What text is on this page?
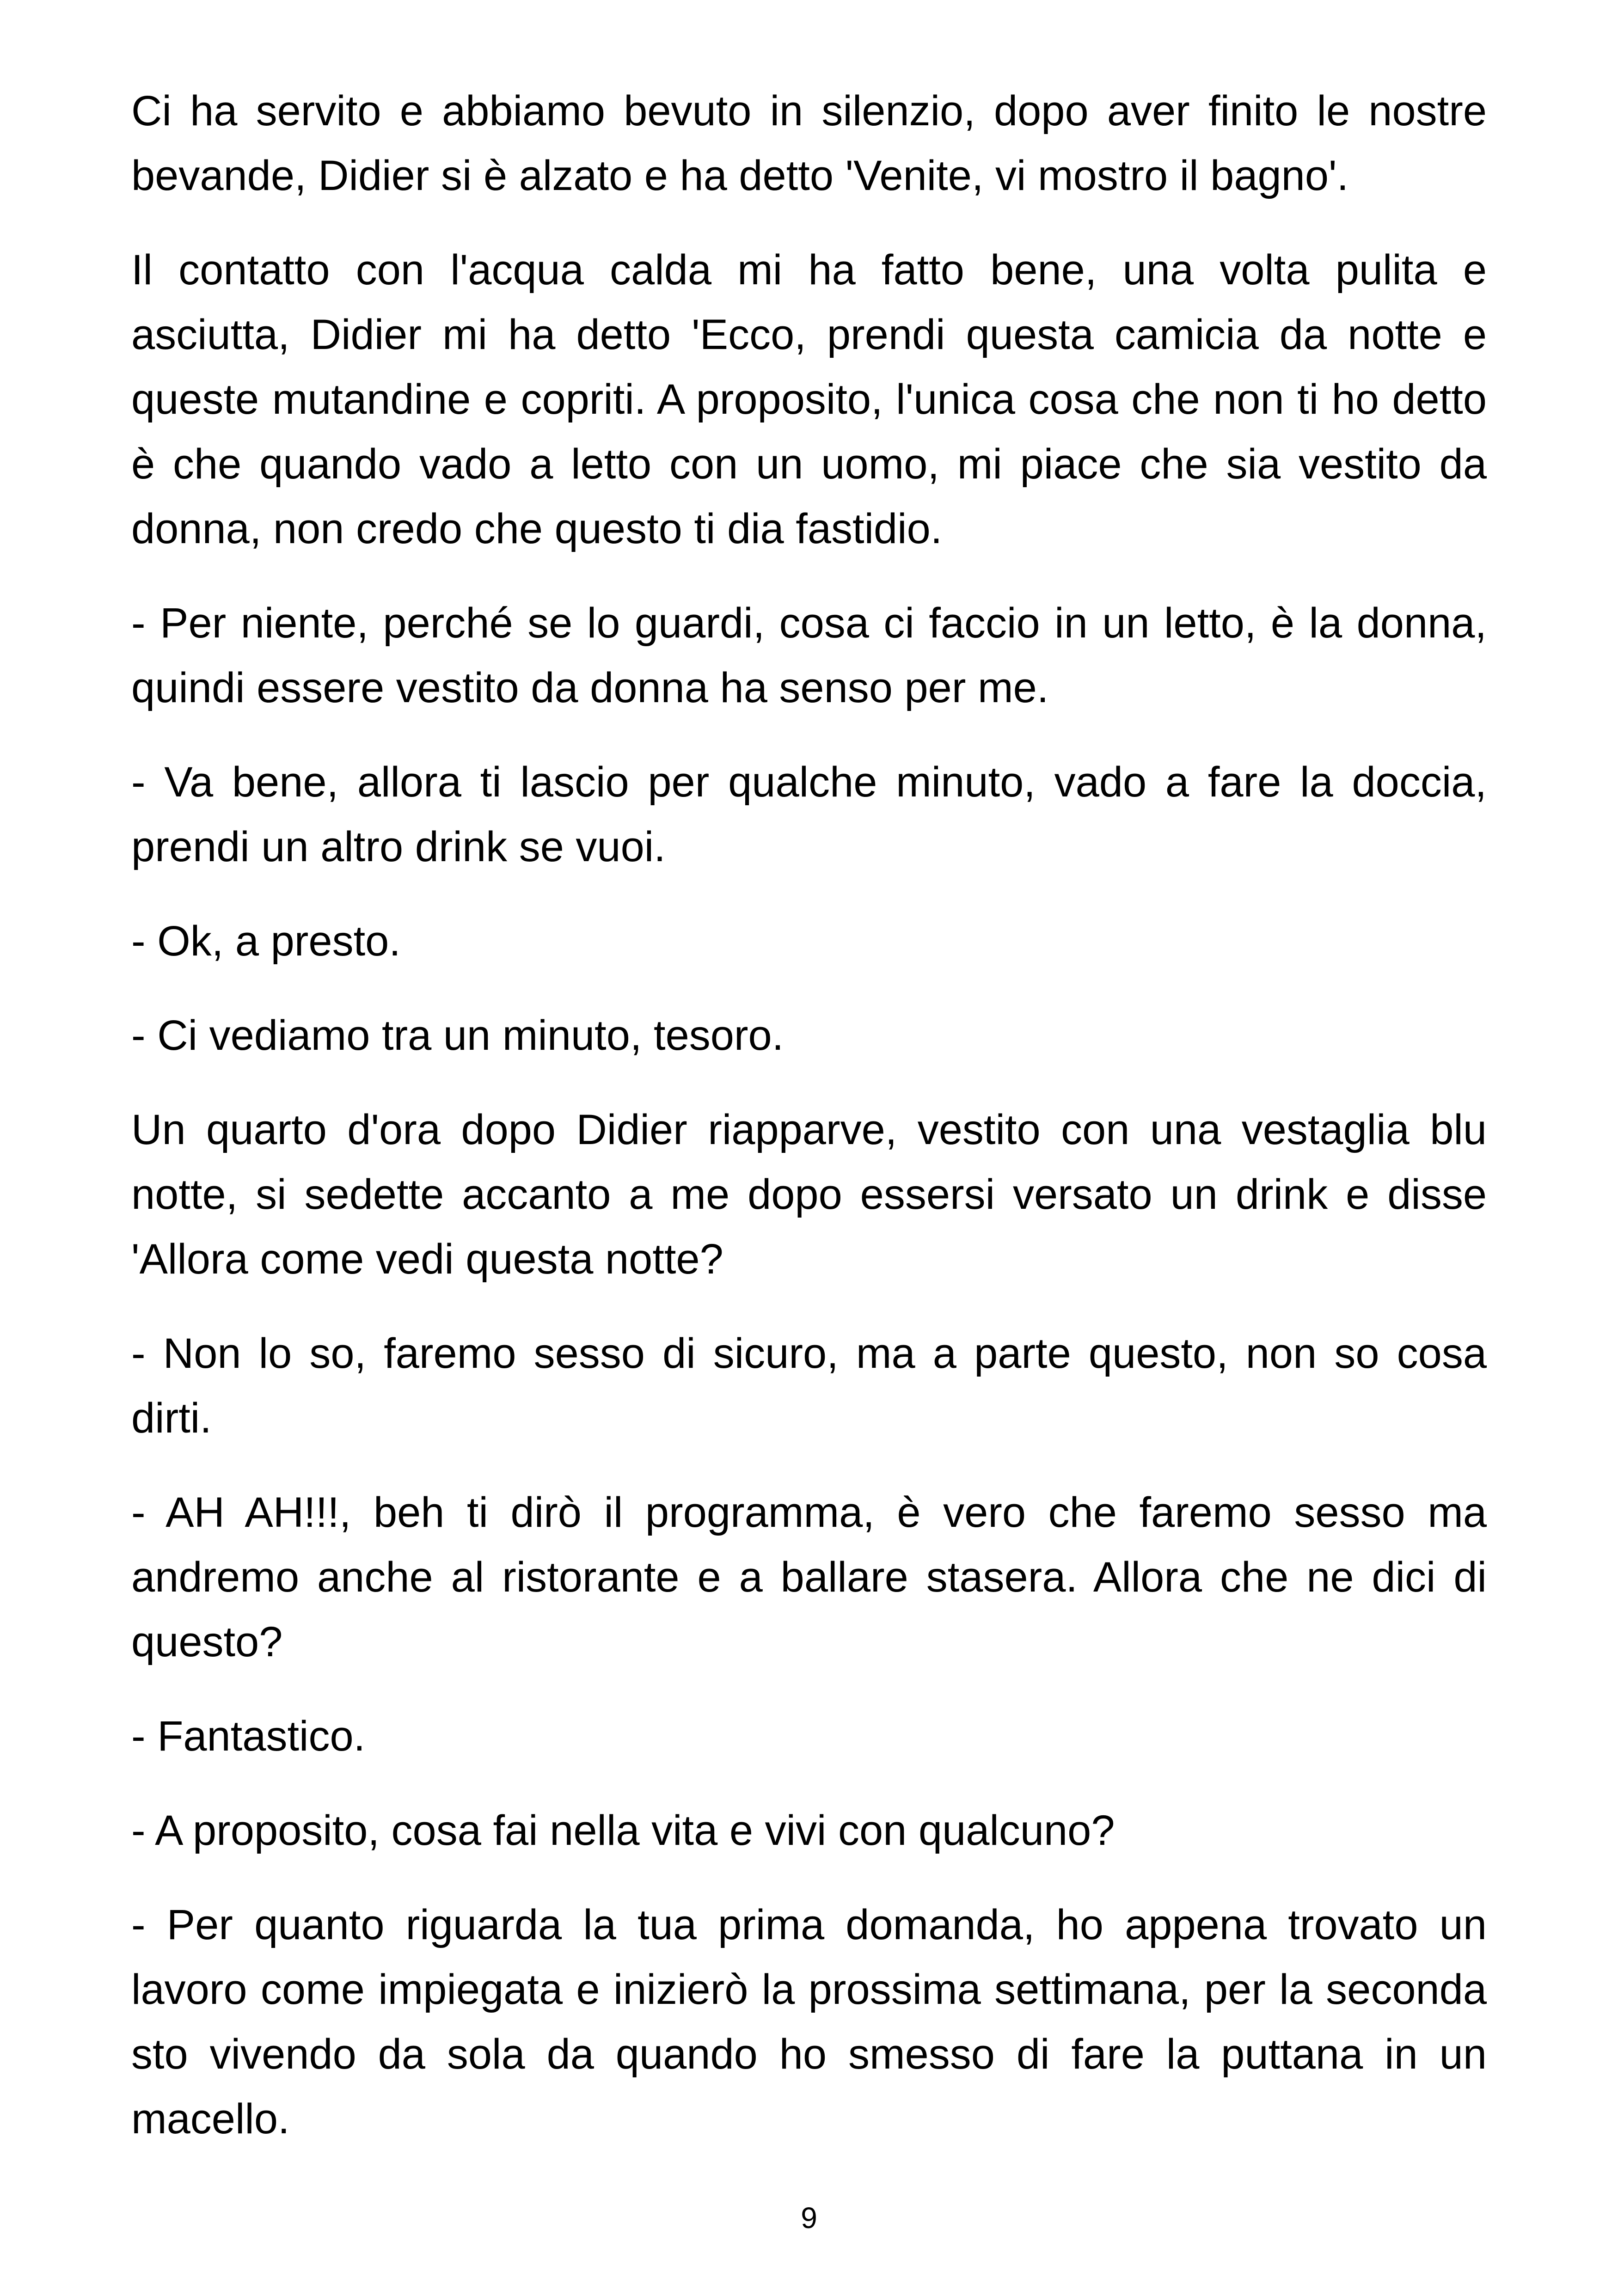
Ci ha servito e abbiamo bevuto in silenzio, dopo aver finito le nostre bevande, Didier si è alzato e ha detto 'Venite, vi mostro il bagno'.

Il contatto con l'acqua calda mi ha fatto bene, una volta pulita e asciutta, Didier mi ha detto 'Ecco, prendi questa camicia da notte e queste mutandine e copriti. A proposito, l'unica cosa che non ti ho detto è che quando vado a letto con un uomo, mi piace che sia vestito da donna, non credo che questo ti dia fastidio.

- Per niente, perché se lo guardi, cosa ci faccio in un letto, è la donna, quindi essere vestito da donna ha senso per me.

- Va bene, allora ti lascio per qualche minuto, vado a fare la doccia, prendi un altro drink se vuoi.

- Ok, a presto.

- Ci vediamo tra un minuto, tesoro.

Un quarto d'ora dopo Didier riapparve, vestito con una vestaglia blu notte, si sedette accanto a me dopo essersi versato un drink e disse 'Allora come vedi questa notte?

- Non lo so, faremo sesso di sicuro, ma a parte questo, non so cosa dirti.

- AH AH!!!, beh ti dirò il programma, è vero che faremo sesso ma andremo anche al ristorante e a ballare stasera. Allora che ne dici di questo?

- Fantastico.

- A proposito, cosa fai nella vita e vivi con qualcuno?

- Per quanto riguarda la tua prima domanda, ho appena trovato un lavoro come impiegata e inizierò la prossima settimana, per la seconda sto vivendo da sola da quando ho smesso di fare la puttana in un macello.

9
